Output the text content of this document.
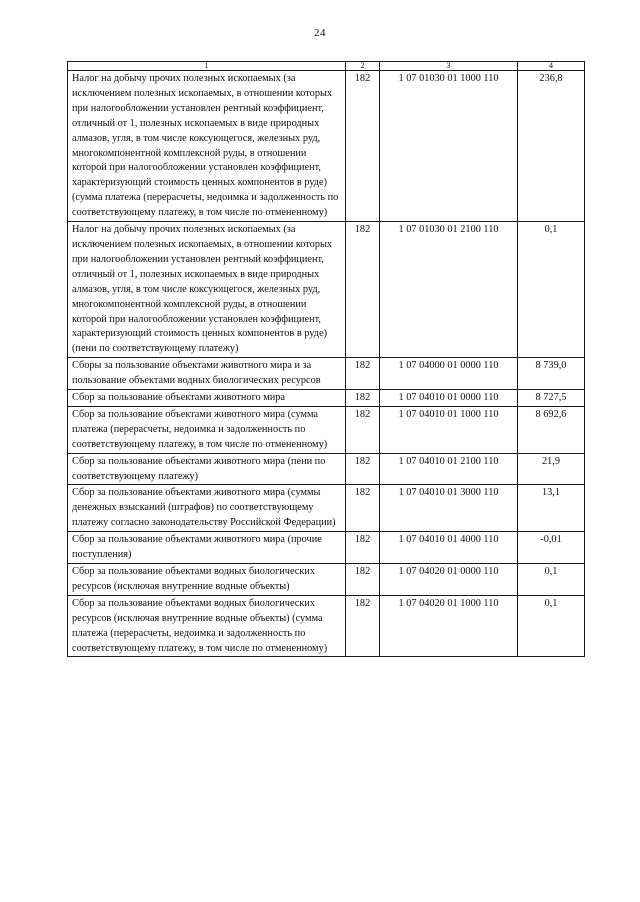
24
1	2	3	4
Налог на добычу прочих полезных ископаемых (за исключением полезных ископаемых, в отношении которых при налогообложении установлен рентный коэффициент, отличный от 1, полезных ископаемых в виде природных алмазов, угля, в том числе коксующегося, железных руд, многокомпонентной комплексной руды, в отношении которой при налогообложении установлен коэффициент, характеризующий стоимость ценных компонентов в руде) (сумма платежа (перерасчеты, недоимка и задолженность по соответствующему платежу, в том числе по отмененному)	182	1 07 01030 01 1000 110	236,8
Налог на добычу прочих полезных ископаемых (за исключением полезных ископаемых, в отношении которых при налогообложении установлен рентный коэффициент, отличный от 1, полезных ископаемых в виде природных алмазов, угля, в том числе коксующегося, железных руд, многокомпонентной комплексной руды, в отношении которой при налогообложении установлен коэффициент, характеризующий стоимость ценных компонентов в руде) (пени по соответствующему платежу)	182	1 07 01030 01 2100 110	0,1
Сборы за пользование объектами животного мира и за пользование объектами водных биологических ресурсов	182	1 07 04000 01 0000 110	8 739,0
Сбор за пользование объектами животного мира	182	1 07 04010 01 0000 110	8 727,5
Сбор за пользование объектами животного мира (сумма платежа (перерасчеты, недоимка и задолженность по соответствующему платежу, в том числе по отмененному)	182	1 07 04010 01 1000 110	8 692,6
Сбор за пользование объектами животного мира (пени по соответствующему платежу)	182	1 07 04010 01 2100 110	21,9
Сбор за пользование объектами животного мира (суммы денежных взысканий (штрафов) по соответствующему платежу согласно законодательству Российской Федерации)	182	1 07 04010 01 3000 110	13,1
Сбор за пользование объектами животного мира (прочие поступления)	182	1 07 04010 01 4000 110	-0,01
Сбор за пользование объектами водных биологических ресурсов (исключая внутренние водные объекты)	182	1 07 04020 01 0000 110	0,1
Сбор за пользование объектами водных биологических ресурсов (исключая внутренние водные объекты) (сумма платежа (перерасчеты, недоимка и задолженность по соответствующему платежу, в том числе по отмененному)	182	1 07 04020 01 1000 110	0,1
